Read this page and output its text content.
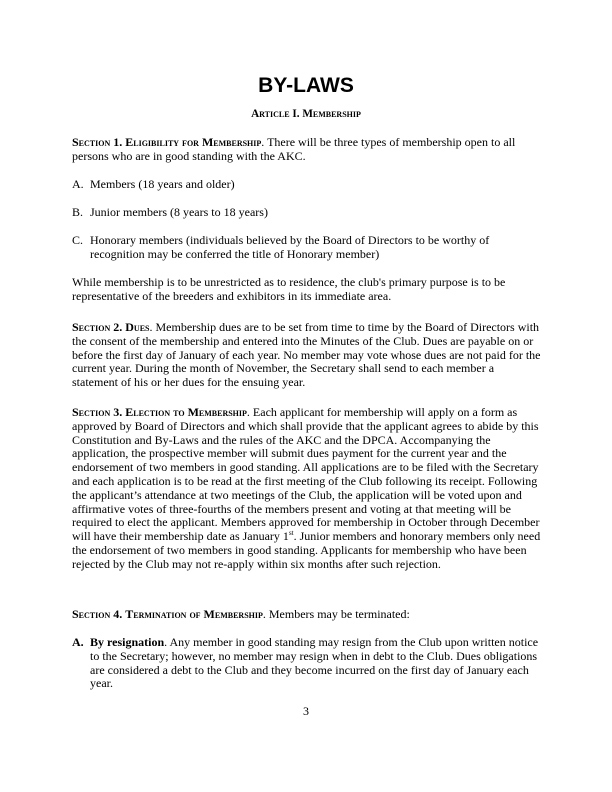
BY-LAWS
Article I. Membership
Section 1. Eligibility for Membership. There will be three types of membership open to all persons who are in good standing with the AKC.
A. Members (18 years and older)
B. Junior members (8 years to 18 years)
C. Honorary members (individuals believed by the Board of Directors to be worthy of recognition may be conferred the title of Honorary member)
While membership is to be unrestricted as to residence, the club's primary purpose is to be representative of the breeders and exhibitors in its immediate area.
Section 2. Dues. Membership dues are to be set from time to time by the Board of Directors with the consent of the membership and entered into the Minutes of the Club. Dues are payable on or before the first day of January of each year. No member may vote whose dues are not paid for the current year. During the month of November, the Secretary shall send to each member a statement of his or her dues for the ensuing year.
Section 3. Election to Membership. Each applicant for membership will apply on a form as approved by Board of Directors and which shall provide that the applicant agrees to abide by this Constitution and By-Laws and the rules of the AKC and the DPCA. Accompanying the application, the prospective member will submit dues payment for the current year and the endorsement of two members in good standing. All applications are to be filed with the Secretary and each application is to be read at the first meeting of the Club following its receipt. Following the applicant’s attendance at two meetings of the Club, the application will be voted upon and affirmative votes of three-fourths of the members present and voting at that meeting will be required to elect the applicant. Members approved for membership in October through December will have their membership date as January 1st. Junior members and honorary members only need the endorsement of two members in good standing. Applicants for membership who have been rejected by the Club may not re-apply within six months after such rejection.
Section 4. Termination of Membership. Members may be terminated:
A. By resignation. Any member in good standing may resign from the Club upon written notice to the Secretary; however, no member may resign when in debt to the Club. Dues obligations are considered a debt to the Club and they become incurred on the first day of January each year.
3
